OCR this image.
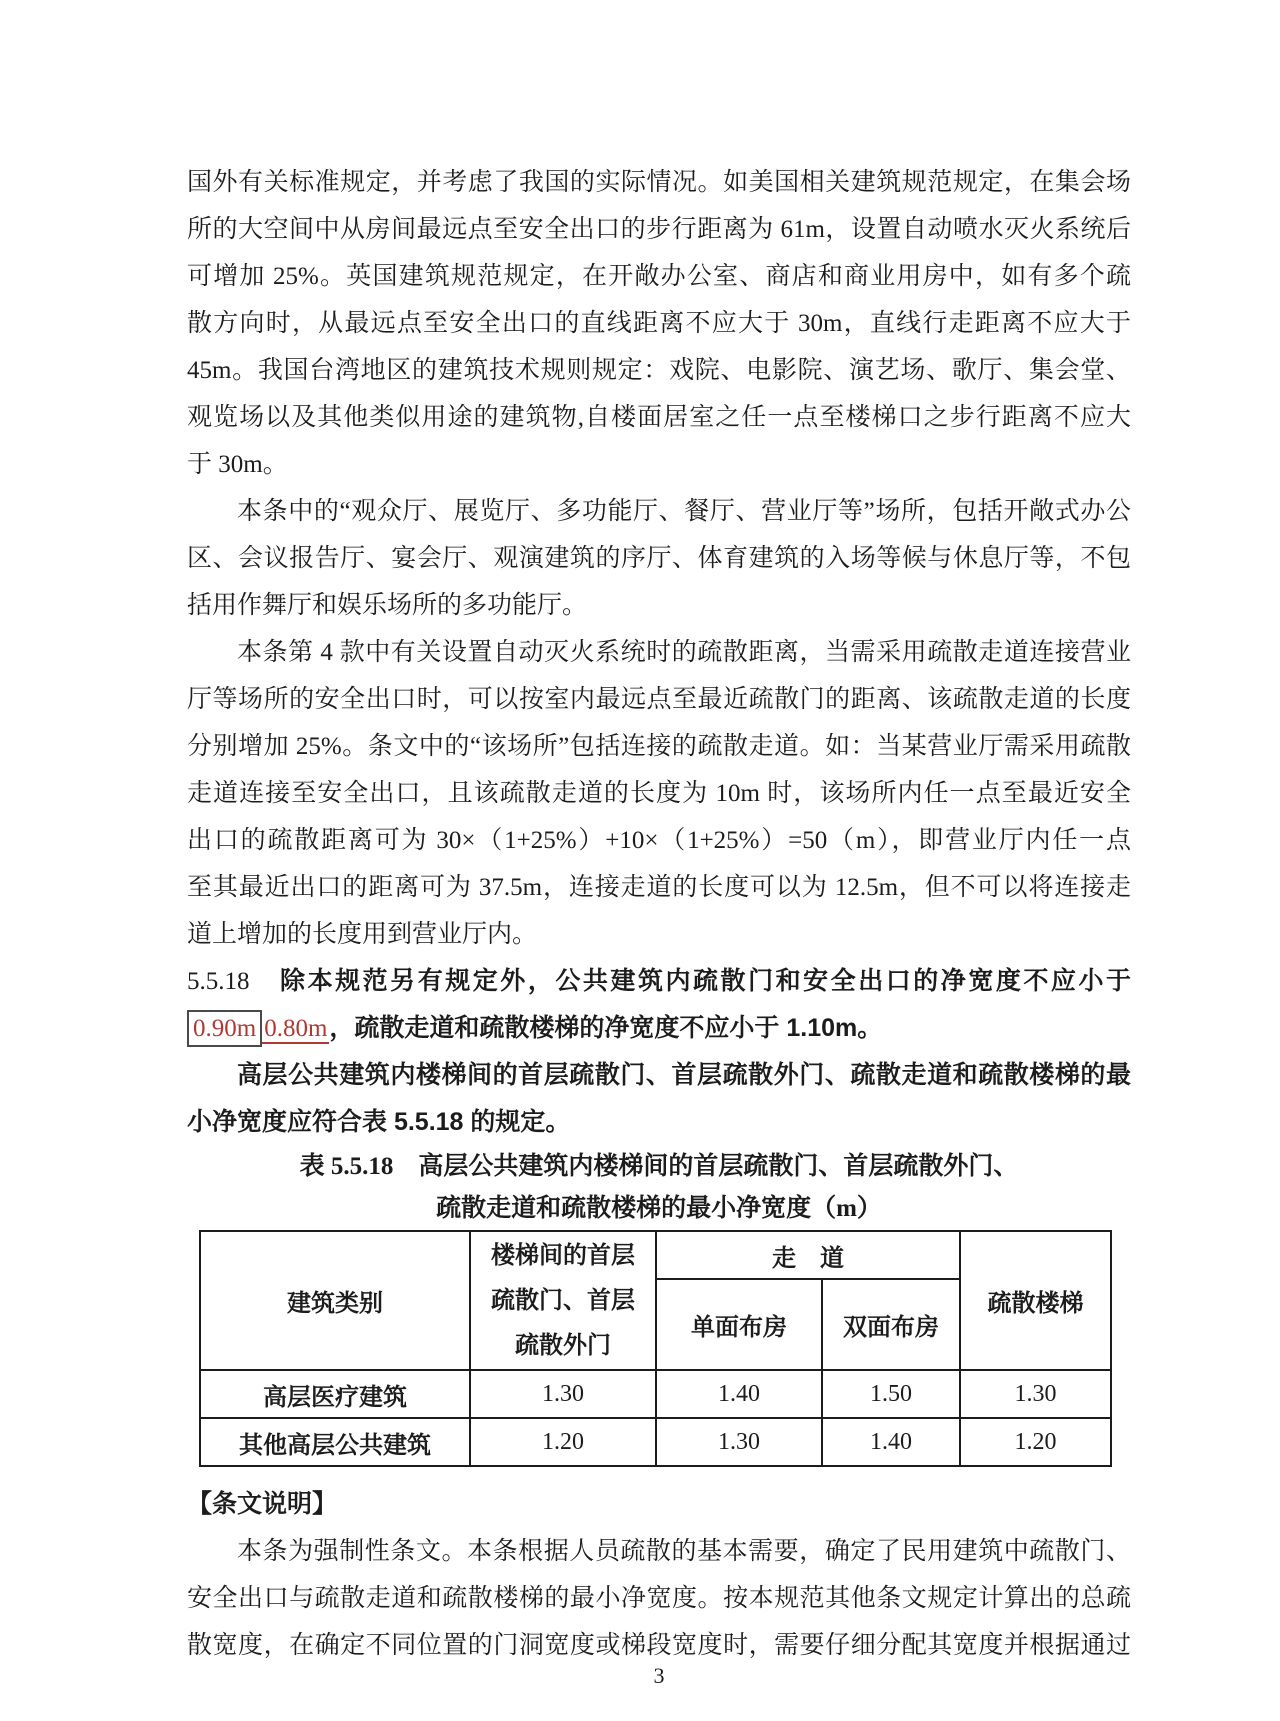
国外有关标准规定，并考虑了我国的实际情况。如美国相关建筑规范规定，在集会场
所的大空间中从房间最远点至安全出口的步行距离为 61m，设置自动喷水灭火系统后
可增加 25%。英国建筑规范规定，在开敞办公室、商店和商业用房中，如有多个疏
散方向时，从最远点至安全出口的直线距离不应大于 30m，直线行走距离不应大于
45m。我国台湾地区的建筑技术规则规定：戏院、电影院、演艺场、歌厅、集会堂、
观览场以及其他类似用途的建筑物,自楼面居室之任一点至楼梯口之步行距离不应大
于 30m。
本条中的“观众厅、展览厅、多功能厅、餐厅、营业厅等”场所，包括开敞式办公
区、会议报告厅、宴会厅、观演建筑的序厅、体育建筑的入场等候与休息厅等，不包
括用作舞厅和娱乐场所的多功能厅。
本条第 4 款中有关设置自动灭火系统时的疏散距离，当需采用疏散走道连接营业
厅等场所的安全出口时，可以按室内最远点至最近疏散门的距离、该疏散走道的长度
分别增加 25%。条文中的“该场所”包括连接的疏散走道。如：当某营业厅需采用疏散
走道连接至安全出口，且该疏散走道的长度为 10m 时，该场所内任一点至最近安全
出口的疏散距离可为 30×（1+25%）+10×（1+25%）=50（m），即营业厅内任一点
至其最近出口的距离可为 37.5m，连接走道的长度可以为 12.5m，但不可以将连接走
道上增加的长度用到营业厅内。
5.5.18 除本规范另有规定外，公共建筑内疏散门和安全出口的净宽度不应小于
0.90m 0.80m，疏散走道和疏散楼梯的净宽度不应小于 1.10m。
高层公共建筑内楼梯间的首层疏散门、首层疏散外门、疏散走道和疏散楼梯的最
小净宽度应符合表 5.5.18 的规定。
表 5.5.18　高层公共建筑内楼梯间的首层疏散门、首层疏散外门、
疏散走道和疏散楼梯的最小净宽度（m）
建筑类别	楼梯间的首层
疏散门、首层
疏散外门	走　道		疏散楼梯
		单面布房	双面布房	
高层医疗建筑	1.30	1.40	1.50	1.30
其他高层公共建筑	1.20	1.30	1.40	1.20
【条文说明】
本条为强制性条文。本条根据人员疏散的基本需要，确定了民用建筑中疏散门、
安全出口与疏散走道和疏散楼梯的最小净宽度。按本规范其他条文规定计算出的总疏
散宽度，在确定不同位置的门洞宽度或梯段宽度时，需要仔细分配其宽度并根据通过
3
